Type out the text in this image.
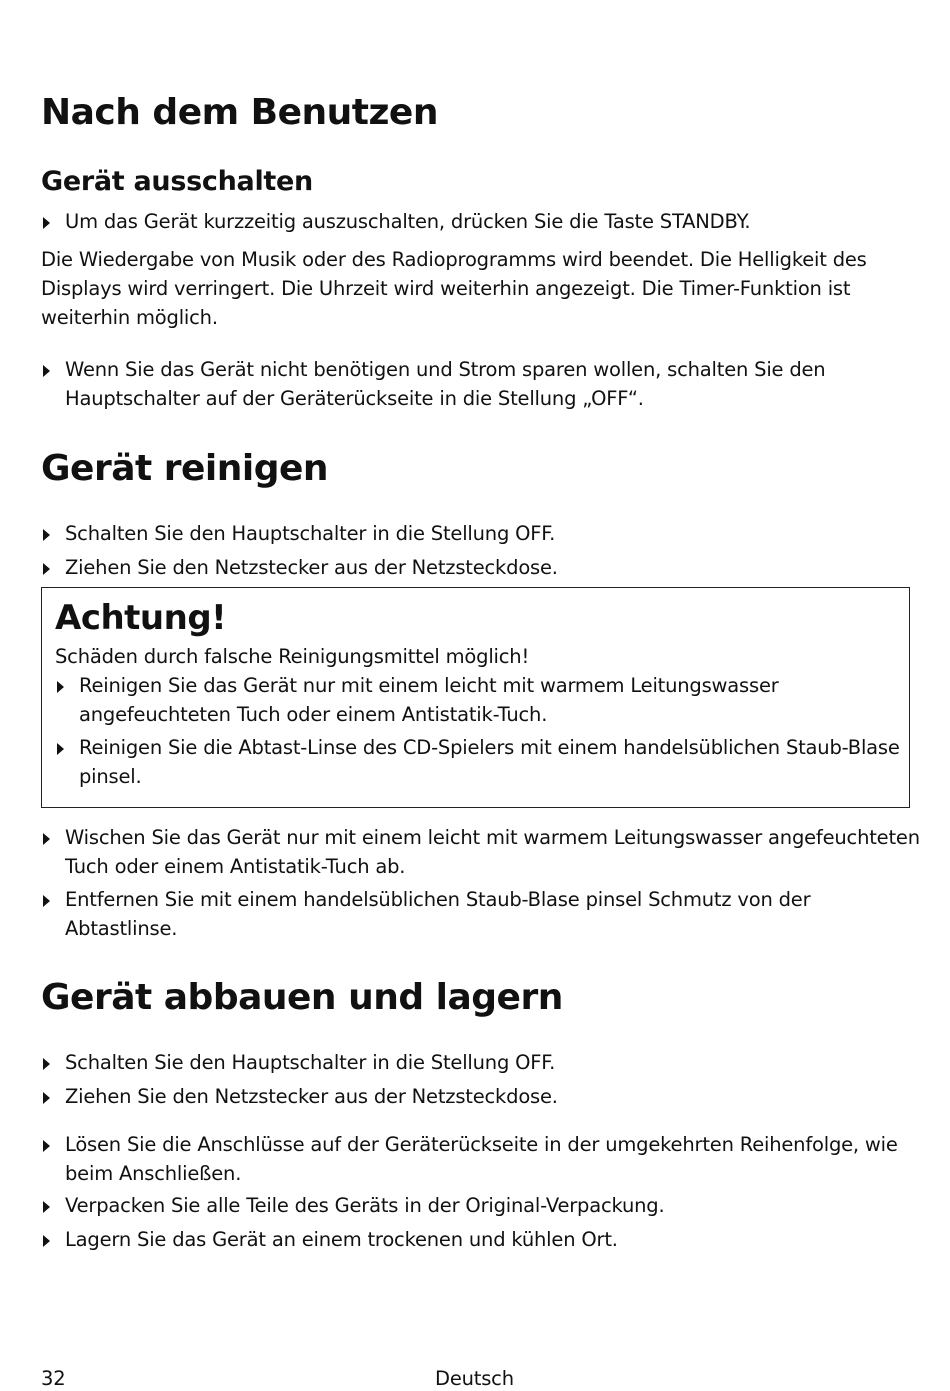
Nach dem Benutzen
Gerät ausschalten
Um das Gerät kurzzeitig auszuschalten, drücken Sie die Taste STANDBY.

Die Wiedergabe von Musik oder des Radioprogramms wird beendet. Die Helligkeit des Displays wird verringert. Die Uhrzeit wird weiterhin angezeigt. Die Timer-Funktion ist weiterhin möglich.

Wenn Sie das Gerät nicht benötigen und Strom sparen wollen, schalten Sie den Hauptschalter auf der Geräterückseite in die Stellung „OFF“.
Gerät reinigen
Schalten Sie den Hauptschalter in die Stellung OFF.
Ziehen Sie den Netzstecker aus der Netzsteckdose.
Achtung!

Schäden durch falsche Reinigungsmittel möglich!

Reinigen Sie das Gerät nur mit einem leicht mit warmem Leitungswasser angefeuchteten Tuch oder einem Antistatik-Tuch.
Reinigen Sie die Abtast-Linse des CD-Spielers mit einem handelsüblichen Staub-Blase pinsel.
Wischen Sie das Gerät nur mit einem leicht mit warmem Leitungswasser angefeuchteten Tuch oder einem Antistatik-Tuch ab.
Entfernen Sie mit einem handelsüblichen Staub-Blase pinsel Schmutz von der Abtastlinse.
Gerät abbauen und lagern
Schalten Sie den Hauptschalter in die Stellung OFF.
Ziehen Sie den Netzstecker aus der Netzsteckdose.
Lösen Sie die Anschlüsse auf der Geräterückseite in der umgekehrten Reihenfolge, wie beim Anschließen.
Verpacken Sie alle Teile des Geräts in der Original-Verpackung.
Lagern Sie das Gerät an einem trockenen und kühlen Ort.
32	Deutsch
